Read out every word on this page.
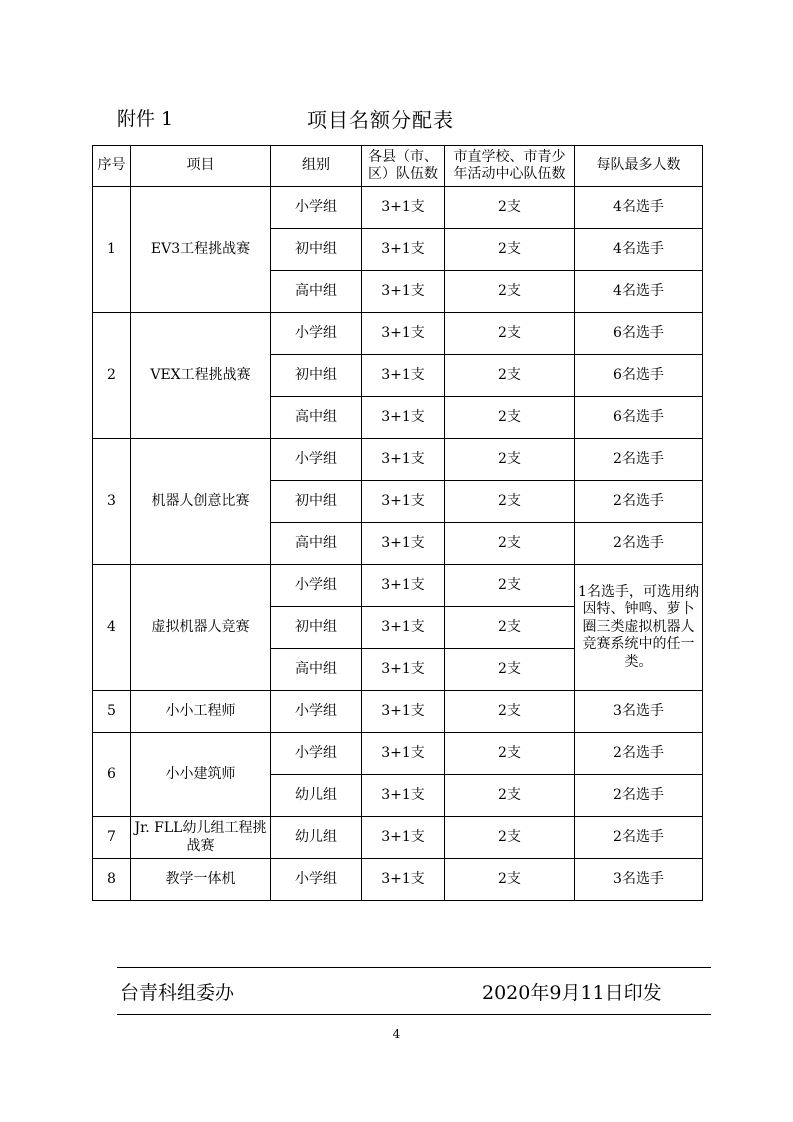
附件 1	项目名额分配表
序号	项目	组别	各县（市、区）队伍数	市直学校、市青少年活动中心队伍数	每队最多人数
1	EV3工程挑战赛	小学组	3+1支	2支	4名选手
		初中组	3+1支	2支	4名选手
		高中组	3+1支	2支	4名选手
2	VEX工程挑战赛	小学组	3+1支	2支	6名选手
		初中组	3+1支	2支	6名选手
		高中组	3+1支	2支	6名选手
3	机器人创意比赛	小学组	3+1支	2支	2名选手
		初中组	3+1支	2支	2名选手
		高中组	3+1支	2支	2名选手
4	虚拟机器人竞赛	小学组	3+1支	2支	1名选手，可选用纳因特、钟鸣、萝卜圈三类虚拟机器人竞赛系统中的任一类。
		初中组	3+1支	2支	
		高中组	3+1支	2支	
5	小小工程师	小学组	3+1支	2支	3名选手
6	小小建筑师	小学组	3+1支	2支	2名选手
		幼儿组	3+1支	2支	2名选手
7	Jr. FLL幼儿组工程挑战赛	幼儿组	3+1支	2支	2名选手
8	教学一体机	小学组	3+1支	2支	3名选手
台青科组委办	2020年9月11日印发
4
